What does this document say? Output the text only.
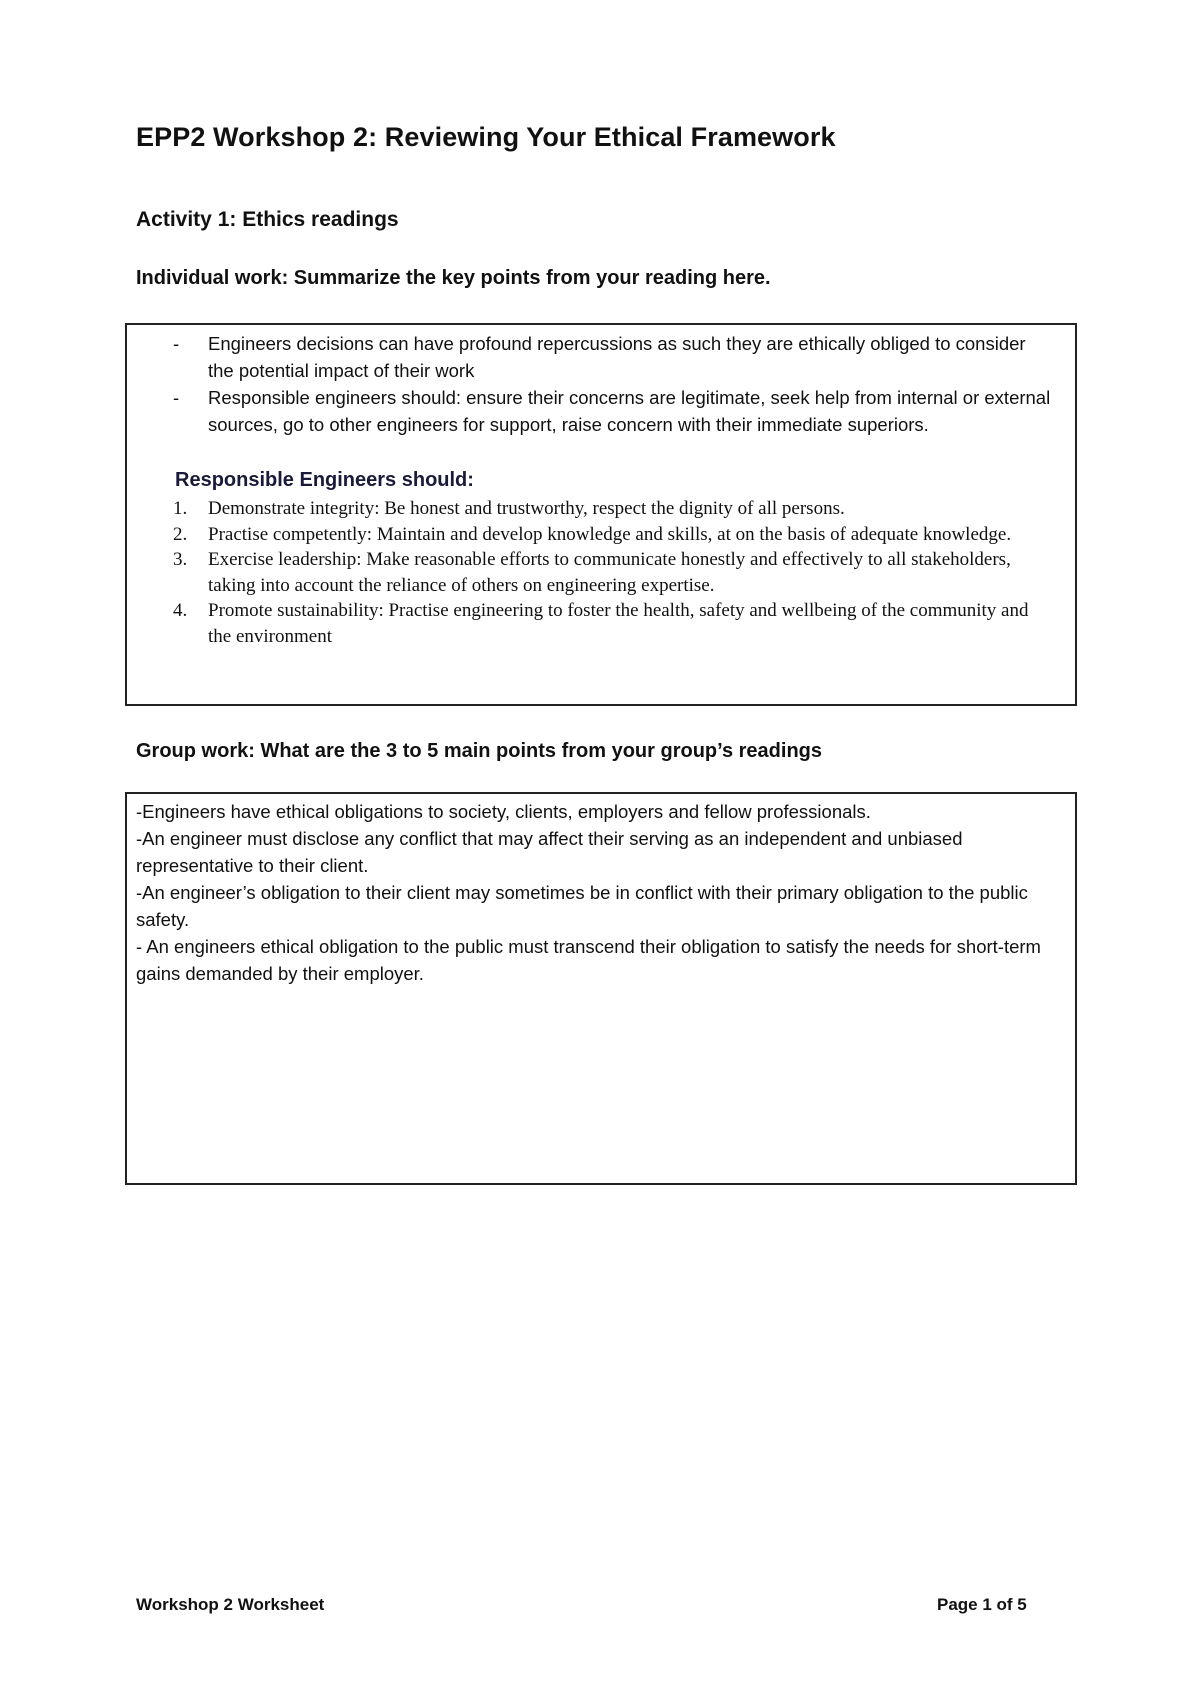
EPP2 Workshop 2: Reviewing Your Ethical Framework
Activity 1: Ethics readings
Individual work: Summarize the key points from your reading here.
- Engineers decisions can have profound repercussions as such they are ethically obliged to consider the potential impact of their work
- Responsible engineers should: ensure their concerns are legitimate, seek help from internal or external sources, go to other engineers for support, raise concern with their immediate superiors.
Responsible Engineers should:
1. Demonstrate integrity: Be honest and trustworthy, respect the dignity of all persons.
2. Practise competently: Maintain and develop knowledge and skills, at on the basis of adequate knowledge.
3. Exercise leadership: Make reasonable efforts to communicate honestly and effectively to all stakeholders, taking into account the reliance of others on engineering expertise.
4. Promote sustainability: Practise engineering to foster the health, safety and wellbeing of the community and the environment
Group work: What are the 3 to 5 main points from your group’s readings
-Engineers have ethical obligations to society, clients, employers and fellow professionals.
-An engineer must disclose any conflict that may affect their serving as an independent and unbiased representative to their client.
-An engineer’s obligation to their client may sometimes be in conflict with their primary obligation to the public safety.
- An engineers ethical obligation to the public must transcend their obligation to satisfy the needs for short-term gains demanded by their employer.
Workshop 2 Worksheet	Page 1 of 5
